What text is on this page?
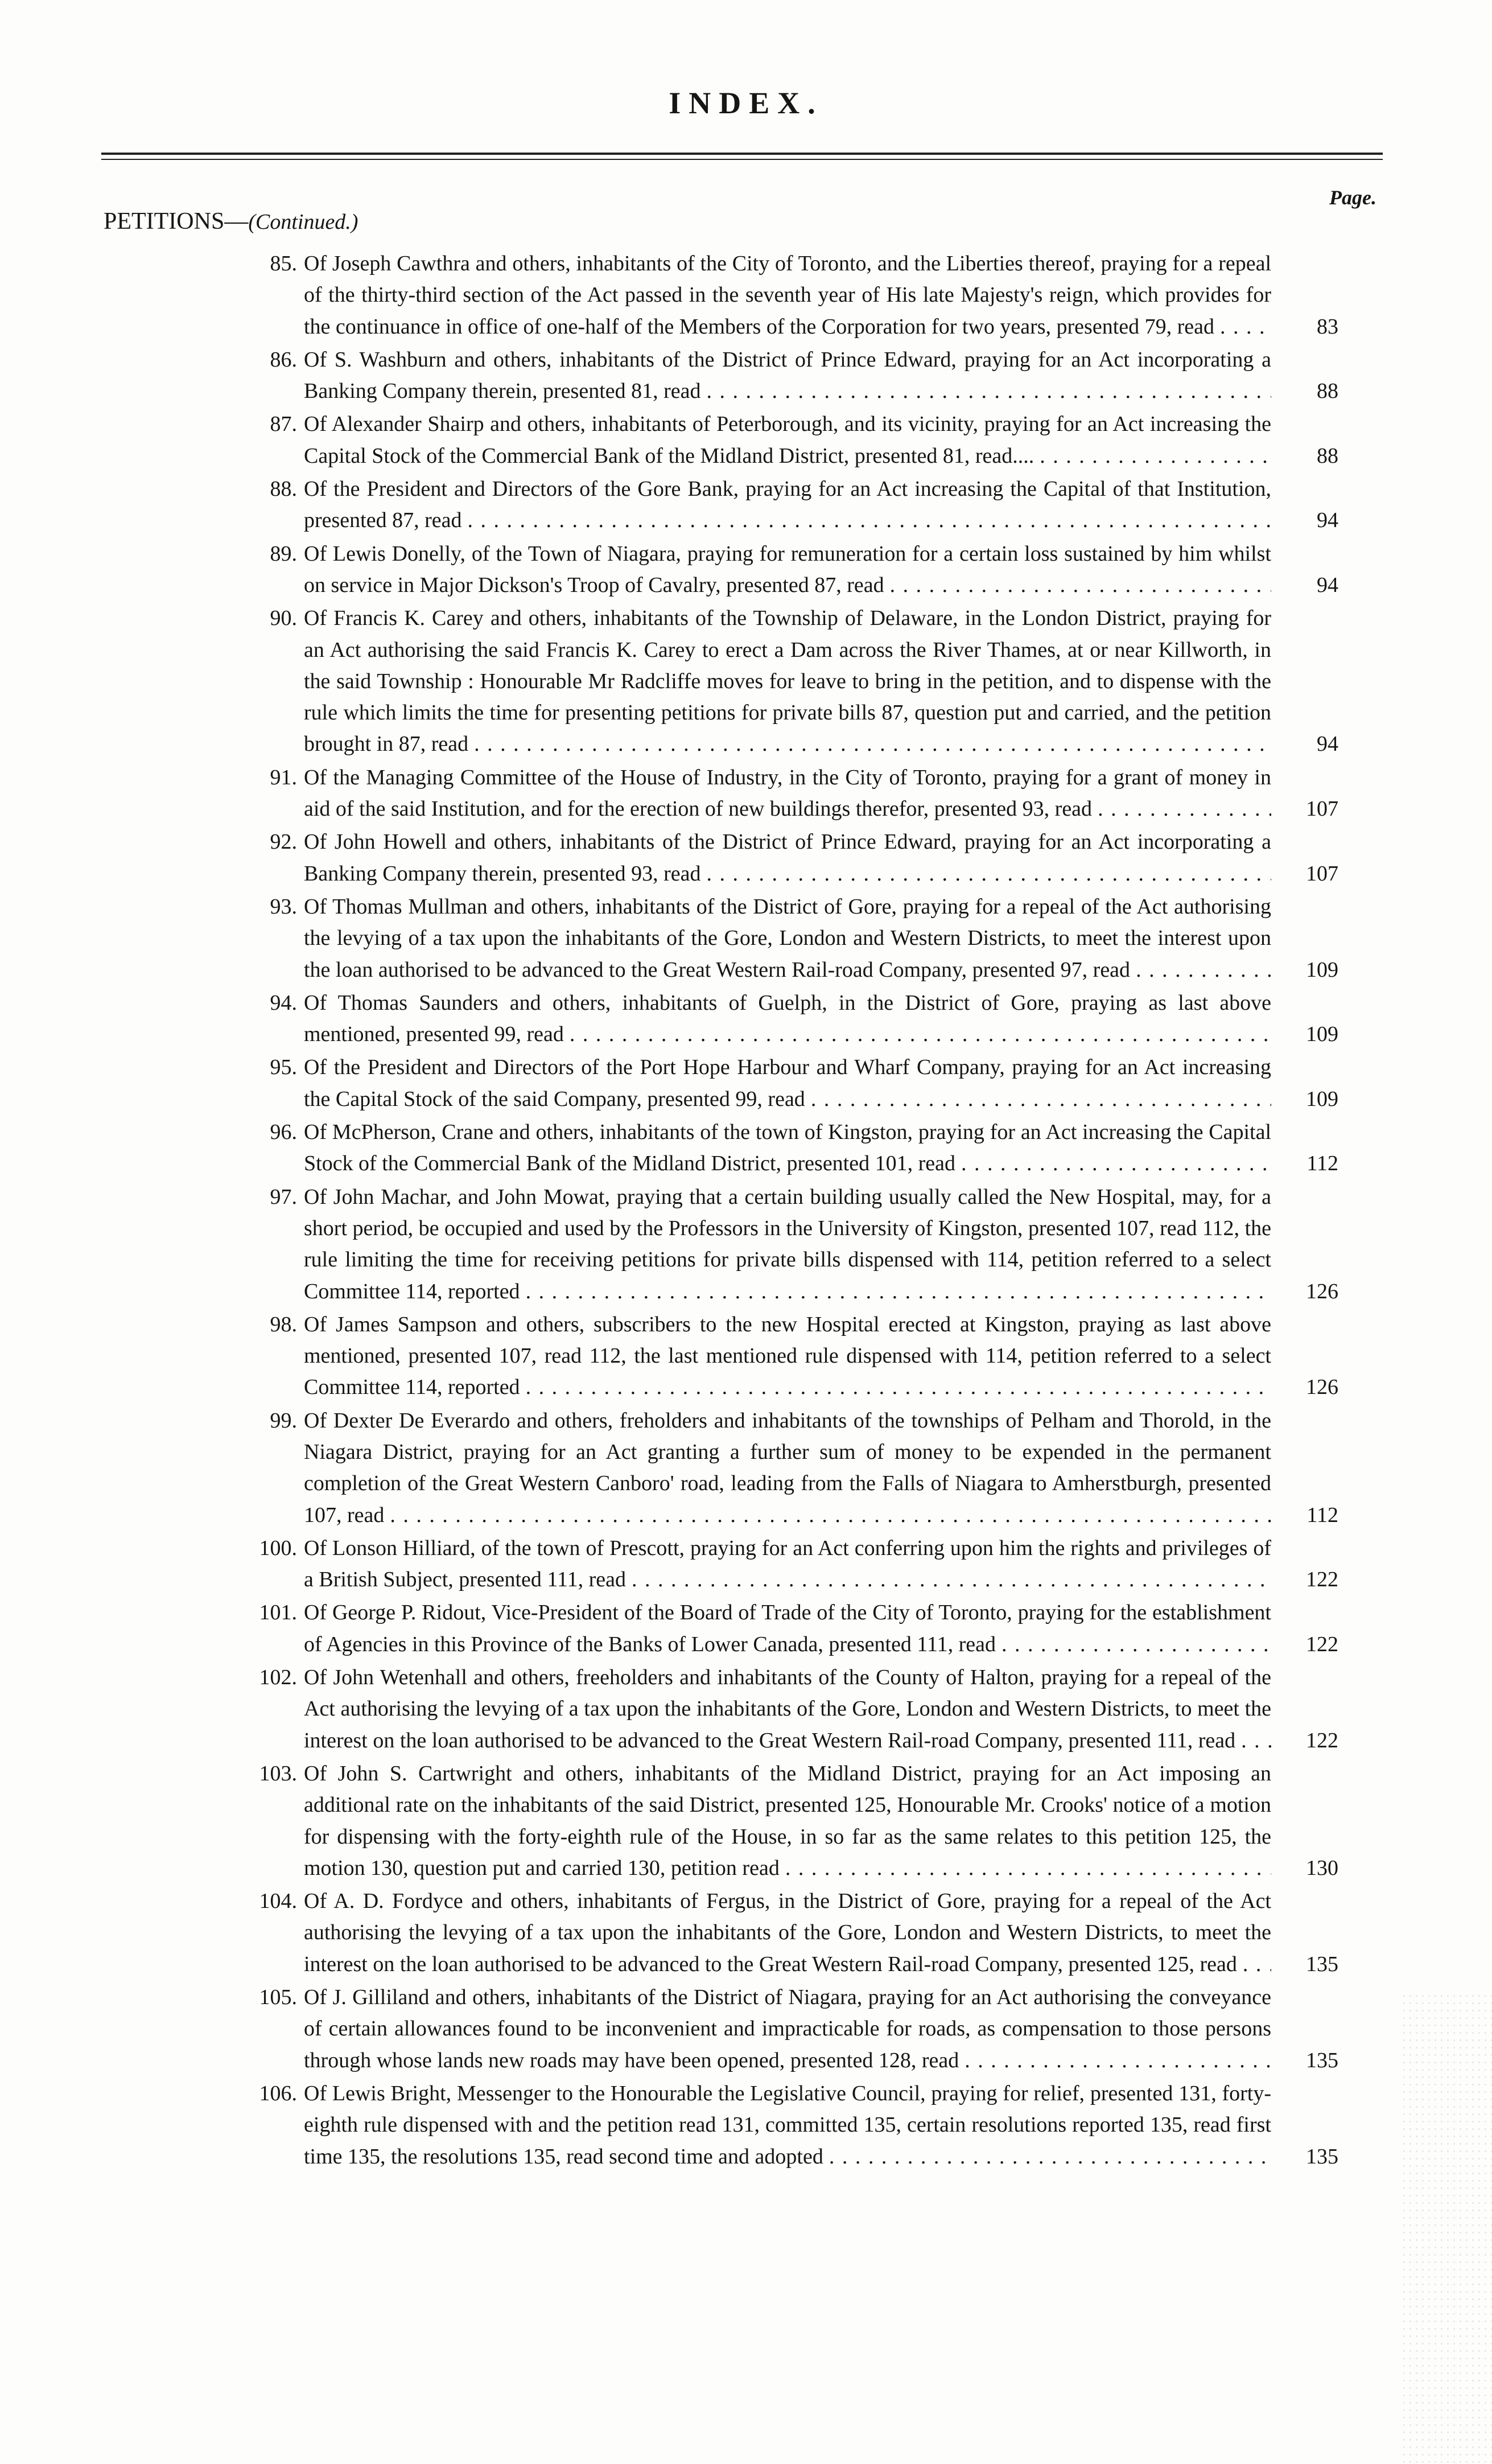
INDEX.
Page.
PETITIONS—(Continued.)
85. Of Joseph Cawthra and others, inhabitants of the City of Toronto, and the Liberties thereof, praying for a repeal of the thirty-third section of the Act passed in the seventh year of His late Majesty's reign, which provides for the continuance in office of one-half of the Members of the Corporation for two years, presented 79, read . . .	83
86. Of S. Washburn and others, inhabitants of the District of Prince Edward, praying for an Act incorporating a Banking Company therein, presented 81, read . . .	88
87. Of Alexander Shairp and others, inhabitants of Peterborough, and its vicinity, praying for an Act increasing the Capital Stock of the Commercial Bank of the Midland District, presented 81, read.... . . .	88
88. Of the President and Directors of the Gore Bank, praying for an Act increasing the Capital of that Institution, presented 87, read . . .	94
89. Of Lewis Donelly, of the Town of Niagara, praying for remuneration for a certain loss sustained by him whilst on service in Major Dickson's Troop of Cavalry, presented 87, read . . .	94
90. Of Francis K. Carey and others, inhabitants of the Township of Delaware, in the London District, praying for an Act authorising the said Francis K. Carey to erect a Dam across the River Thames, at or near Killworth, in the said Township : Honourable Mr Radcliffe moves for leave to bring in the petition, and to dispense with the rule which limits the time for presenting petitions for private bills 87, question put and carried, and the petition brought in 87, read . . .	94
91. Of the Managing Committee of the House of Industry, in the City of Toronto, praying for a grant of money in aid of the said Institution, and for the erection of new buildings therefor, presented 93, read . . .	107
92. Of John Howell and others, inhabitants of the District of Prince Edward, praying for an Act incorporating a Banking Company therein, presented 93, read . . .	107
93. Of Thomas Mullman and others, inhabitants of the District of Gore, praying for a repeal of the Act authorising the levying of a tax upon the inhabitants of the Gore, London and Western Districts, to meet the interest upon the loan authorised to be advanced to the Great Western Rail-road Company, presented 97, read . . .	109
94. Of Thomas Saunders and others, inhabitants of Guelph, in the District of Gore, praying as last above mentioned, presented 99, read . . .	109
95. Of the President and Directors of the Port Hope Harbour and Wharf Company, praying for an Act increasing the Capital Stock of the said Company, presented 99, read . . .	109
96. Of McPherson, Crane and others, inhabitants of the town of Kingston, praying for an Act increasing the Capital Stock of the Commercial Bank of the Midland District, presented 101, read . . .	112
97. Of John Machar, and John Mowat, praying that a certain building usually called the New Hospital, may, for a short period, be occupied and used by the Professors in the University of Kingston, presented 107, read 112, the rule limiting the time for receiving petitions for private bills dispensed with 114, petition referred to a select Committee 114, reported . . .	126
98. Of James Sampson and others, subscribers to the new Hospital erected at Kingston, praying as last above mentioned, presented 107, read 112, the last mentioned rule dispensed with 114, petition referred to a select Committee 114, reported . . .	126
99. Of Dexter De Everardo and others, freholders and inhabitants of the townships of Pelham and Thorold, in the Niagara District, praying for an Act granting a further sum of money to be expended in the permanent completion of the Great Western Canboro' road, leading from the Falls of Niagara to Amherstburgh, presented 107, read . . .	112
100. Of Lonson Hilliard, of the town of Prescott, praying for an Act conferring upon him the rights and privileges of a British Subject, presented 111, read . . .	122
101. Of George P. Ridout, Vice-President of the Board of Trade of the City of Toronto, praying for the establishment of Agencies in this Province of the Banks of Lower Canada, presented 111, read . . .	122
102. Of John Wetenhall and others, freeholders and inhabitants of the County of Halton, praying for a repeal of the Act authorising the levying of a tax upon the inhabitants of the Gore, London and Western Districts, to meet the interest on the loan authorised to be advanced to the Great Western Rail-road Company, presented 111, read . . .	122
103. Of John S. Cartwright and others, inhabitants of the Midland District, praying for an Act imposing an additional rate on the inhabitants of the said District, presented 125, Honourable Mr. Crooks' notice of a motion for dispensing with the forty-eighth rule of the House, in so far as the same relates to this petition 125, the motion 130, question put and carried 130, petition read . . .	130
104. Of A. D. Fordyce and others, inhabitants of Fergus, in the District of Gore, praying for a repeal of the Act authorising the levying of a tax upon the inhabitants of the Gore, London and Western Districts, to meet the interest on the loan authorised to be advanced to the Great Western Rail-road Company, presented 125, read . . .	135
105. Of J. Gilliland and others, inhabitants of the District of Niagara, praying for an Act authorising the conveyance of certain allowances found to be inconvenient and impracticable for roads, as compensation to those persons through whose lands new roads may have been opened, presented 128, read . . .	135
106. Of Lewis Bright, Messenger to the Honourable the Legislative Council, praying for relief, presented 131, forty-eighth rule dispensed with and the petition read 131, committed 135, certain resolutions reported 135, read first time 135, the resolutions 135, read second time and adopted . . .	135
